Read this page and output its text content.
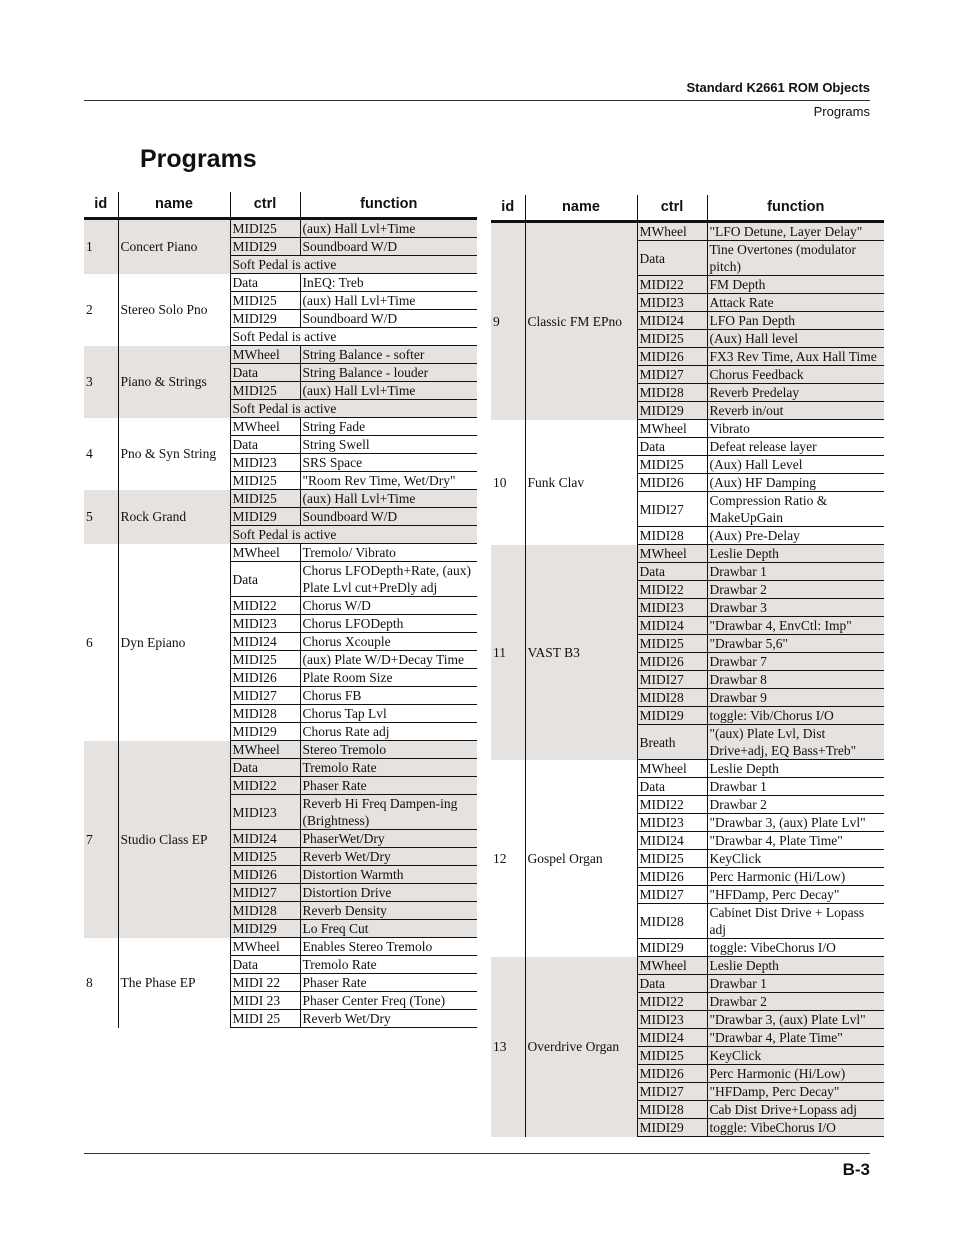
Standard K2661 ROM Objects
Programs
Programs
id	name	ctrl	function
1	Concert Piano	MIDI25	(aux) Hall Lvl+Time
		MIDI29	Soundboard W/D
		Soft Pedal is active	
2	Stereo Solo Pno	Data	InEQ: Treb
		MIDI25	(aux) Hall Lvl+Time
		MIDI29	Soundboard W/D
		Soft Pedal is active	
3	Piano & Strings	MWheel	String Balance - softer
		Data	String Balance - louder
		MIDI25	(aux) Hall Lvl+Time
		Soft Pedal is active	
4	Pno & Syn String	MWheel	String Fade
		Data	String Swell
		MIDI23	SRS Space
		MIDI25	"Room Rev Time, Wet/Dry"
5	Rock Grand	MIDI25	(aux) Hall Lvl+Time
		MIDI29	Soundboard W/D
		Soft Pedal is active	
6	Dyn Epiano	MWheel	Tremolo/ Vibrato
		Data	Chorus LFODepth+Rate, (aux) Plate Lvl cut+PreDly adj
		MIDI22	Chorus W/D
		MIDI23	Chorus LFODepth
		MIDI24	Chorus Xcouple
		MIDI25	(aux) Plate W/D+Decay Time
		MIDI26	Plate Room Size
		MIDI27	Chorus FB
		MIDI28	Chorus Tap Lvl
		MIDI29	Chorus Rate adj
7	Studio Class EP	MWheel	Stereo Tremolo
		Data	Tremolo Rate
		MIDI22	Phaser Rate
		MIDI23	Reverb Hi Freq Dampen-ing (Brightness)
		MIDI24	PhaserWet/Dry
		MIDI25	Reverb Wet/Dry
		MIDI26	Distortion Warmth
		MIDI27	Distortion Drive
		MIDI28	Reverb Density
		MIDI29	Lo Freq Cut
8	The Phase EP	MWheel	Enables Stereo Tremolo
		Data	Tremolo Rate
		MIDI 22	Phaser Rate
		MIDI 23	Phaser Center Freq (Tone)
		MIDI 25	Reverb Wet/Dry
id	name	ctrl	function
9	Classic FM EPno	MWheel	"LFO Detune, Layer Delay"
		Data	Tine Overtones (modulator pitch)
		MIDI22	FM Depth
		MIDI23	Attack Rate
		MIDI24	LFO Pan Depth
		MIDI25	(Aux) Hall level
		MIDI26	FX3 Rev Time, Aux Hall Time
		MIDI27	Chorus Feedback
		MIDI28	Reverb Predelay
		MIDI29	Reverb in/out
10	Funk Clav	MWheel	Vibrato
		Data	Defeat release layer
		MIDI25	(Aux) Hall Level
		MIDI26	(Aux) HF Damping
		MIDI27	Compression Ratio & MakeUpGain
		MIDI28	(Aux) Pre-Delay
11	VAST B3	MWheel	Leslie Depth
		Data	Drawbar 1
		MIDI22	Drawbar 2
		MIDI23	Drawbar 3
		MIDI24	"Drawbar 4, EnvCtl: Imp"
		MIDI25	"Drawbar 5,6"
		MIDI26	Drawbar 7
		MIDI27	Drawbar 8
		MIDI28	Drawbar 9
		MIDI29	toggle: Vib/Chorus I/O
		Breath	"(aux) Plate Lvl, Dist Drive+adj, EQ Bass+Treb"
12	Gospel Organ	MWheel	Leslie Depth
		Data	Drawbar 1
		MIDI22	Drawbar 2
		MIDI23	"Drawbar 3, (aux) Plate Lvl"
		MIDI24	"Drawbar 4, Plate Time"
		MIDI25	KeyClick
		MIDI26	Perc Harmonic (Hi/Low)
		MIDI27	"HFDamp, Perc Decay"
		MIDI28	Cabinet Dist Drive + Lopass adj
		MIDI29	toggle: VibeChorus I/O
13	Overdrive Organ	MWheel	Leslie Depth
		Data	Drawbar 1
		MIDI22	Drawbar 2
		MIDI23	"Drawbar 3, (aux) Plate Lvl"
		MIDI24	"Drawbar 4, Plate Time"
		MIDI25	KeyClick
		MIDI26	Perc Harmonic (Hi/Low)
		MIDI27	"HFDamp, Perc Decay"
		MIDI28	Cab Dist Drive+Lopass adj
		MIDI29	toggle: VibeChorus I/O
B-3
